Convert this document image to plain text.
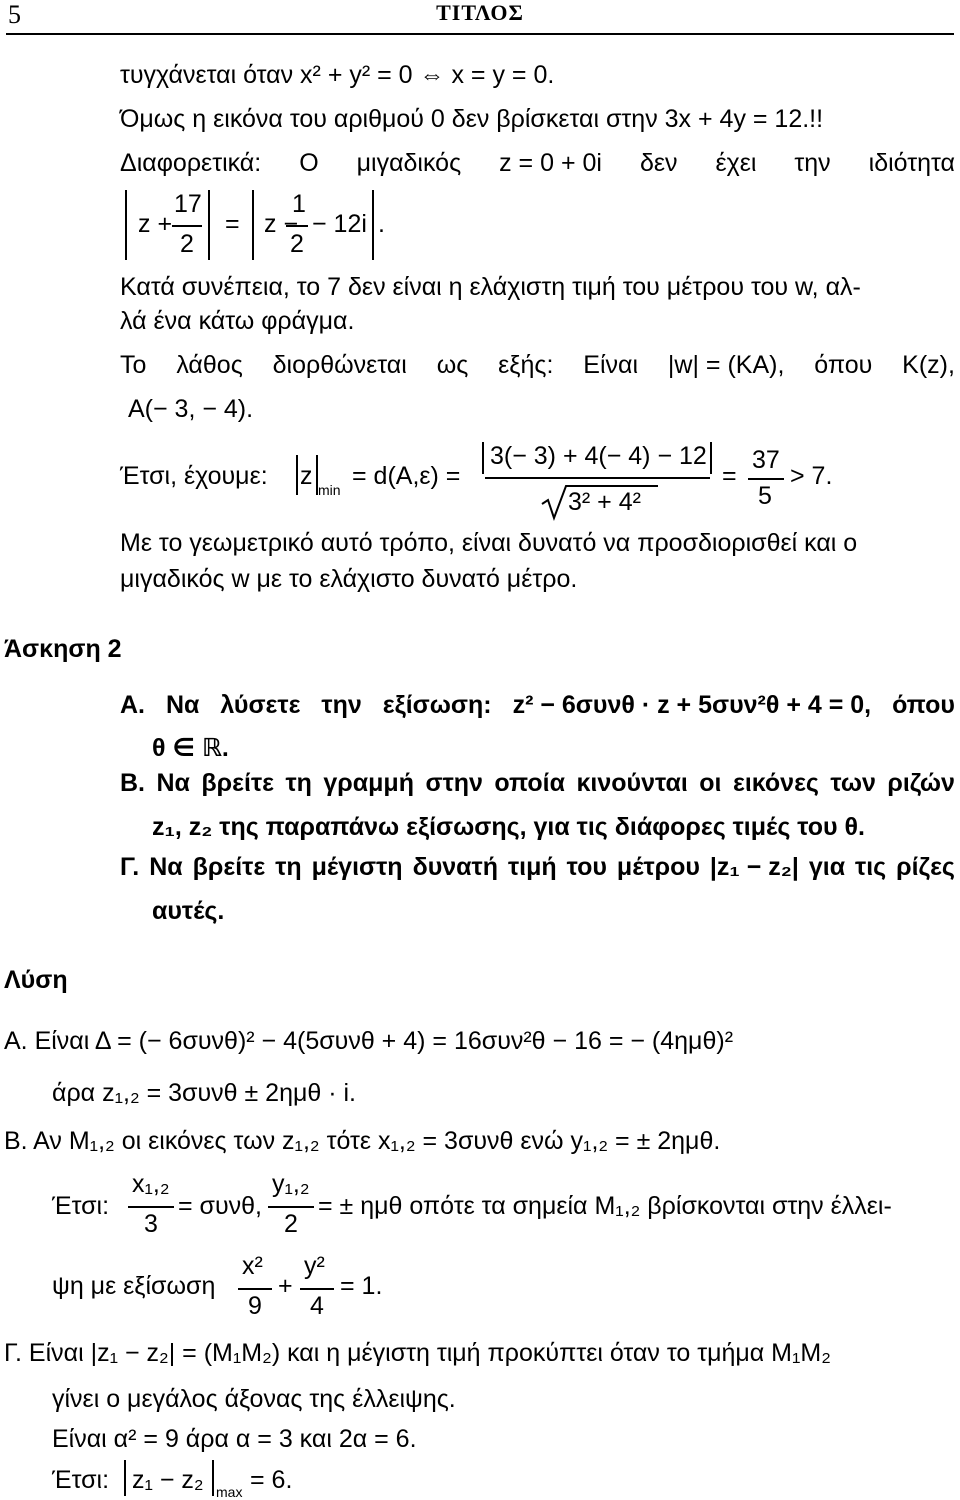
5	ΤΙΤΛΟΣ
τυγχάνεται όταν x² + y² = 0 ⇔ x = y = 0.
Όμως η εικόνα του αριθμού 0 δεν βρίσκεται στην 3x + 4y = 12.!!
Διαφορετικά: Ο μιγαδικός z = 0 + 0i δεν έχει την ιδιότητα
z +
17
2
= z −
1
2
− 12i .
Κατά συνέπεια, το 7 δεν είναι η ελάχιστη τιμή του μέτρου του w, αλ-
λά ένα κάτω φράγμα.
Το λάθος διορθώνεται ως εξής: Είναι |w| = (ΚΑ), όπου K(z),
A(− 3, − 4).
Έτσι, έχουμε: z min = d(A,ε) =
3(− 3) + 4(− 4) − 12
3² + 4²
=
37
5
> 7.
Με το γεωμετρικό αυτό τρόπο, είναι δυνατό να προσδιορισθεί και ο
μιγαδικός w με το ελάχιστο δυνατό μέτρο.
Άσκηση 2
Α. Να λύσετε την εξίσωση: z² − 6συνθ · z + 5συν²θ + 4 = 0, όπου
θ ∈ ℝ.
Β. Να βρείτε τη γραμμή στην οποία κινούνται οι εικόνες των ριζών
z₁, z₂ της παραπάνω εξίσωσης, για τις διάφορες τιμές του θ.
Γ. Να βρείτε τη μέγιστη δυνατή τιμή του μέτρου |z₁ − z₂| για τις ρίζες
αυτές.
Λύση
Α. Είναι Δ = (− 6συνθ)² − 4(5συνθ + 4) = 16συν²θ − 16 = − (4ημθ)²
άρα z₁,₂ = 3συνθ ± 2ημθ · i.
Β. Αν M₁,₂ οι εικόνες των z₁,₂ τότε x₁,₂ = 3συνθ ενώ y₁,₂ = ± 2ημθ.
Έτσι:
x₁,₂
3
= συνθ,
y₁,₂
2
= ± ημθ οπότε τα σημεία M₁,₂ βρίσκονται στην έλλει-
ψη με εξίσωση
x²
9
+
y²
4
= 1.
Γ. Είναι |z₁ − z₂| = (M₁M₂) και η μέγιστη τιμή προκύπτει όταν το τμήμα M₁M₂
γίνει ο μεγάλος άξονας της έλλειψης.
Είναι α² = 9 άρα α = 3 και 2α = 6.
Έτσι: z₁ − z₂ max = 6.
